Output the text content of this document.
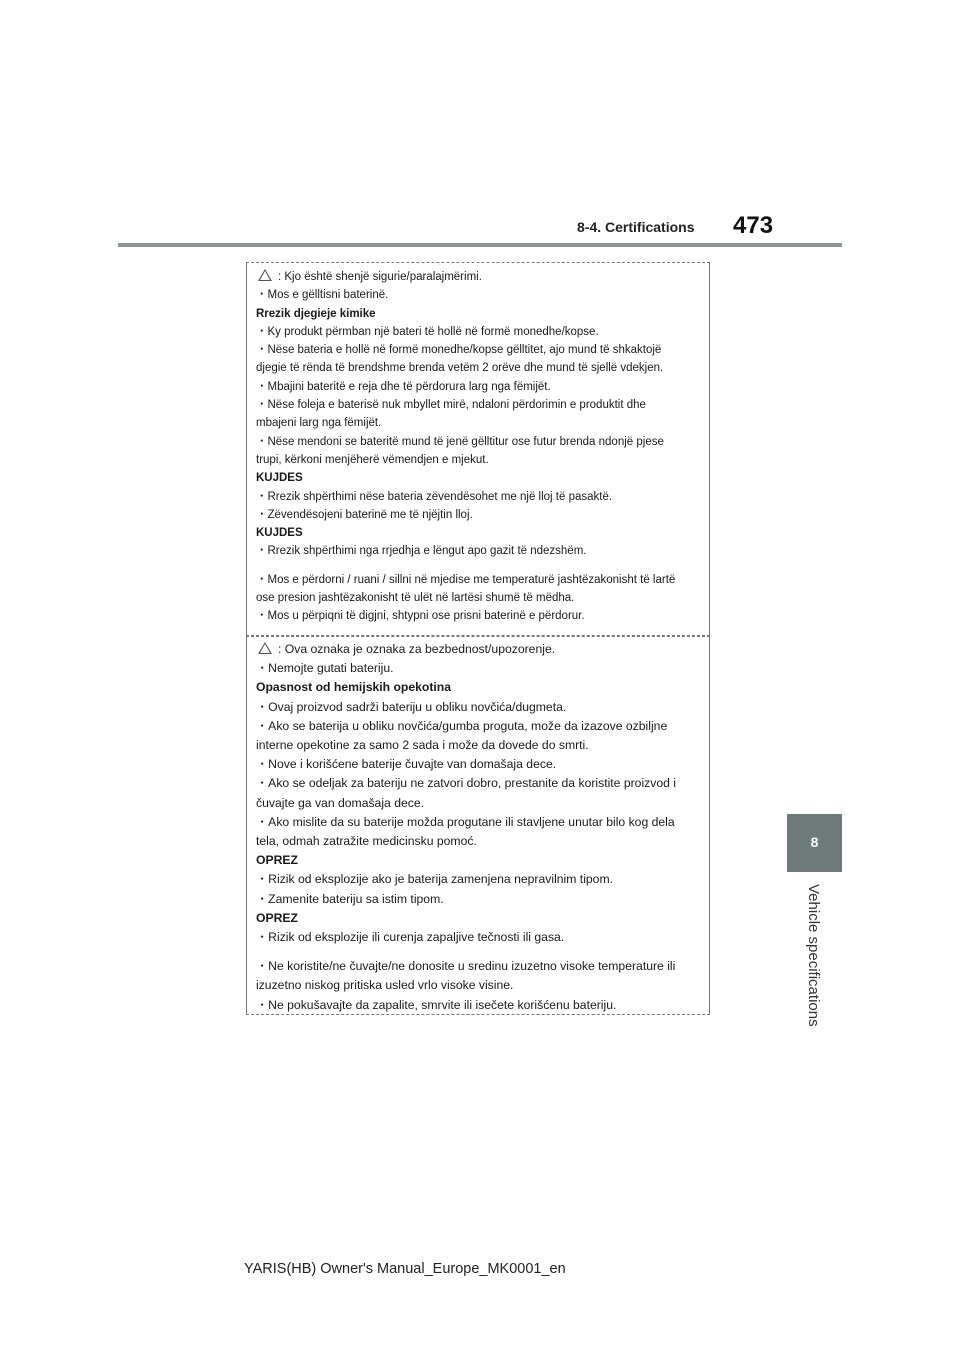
8-4. Certifications 473
8
Vehicle specifications
: Kjo është shenjë sigurie/paralajmërimi.
・Mos e gëlltisni baterinë.
Rrezik djegieje kimike
・Ky produkt përmban një bateri të hollë në formë monedhe/kopse.
・Nëse bateria e hollë në formë monedhe/kopse gëlltitet, ajo mund të shkaktojë
djegie të rënda të brendshme brenda vetëm 2 orëve dhe mund të sjellë vdekjen.
・Mbajini bateritë e reja dhe të përdorura larg nga fëmijët.
・Nëse foleja e baterisë nuk mbyllet mirë, ndaloni përdorimin e produktit dhe
mbajeni larg nga fëmijët.
・Nëse mendoni se bateritë mund të jenë gëlltitur ose futur brenda ndonjë pjese
trupi, kërkoni menjëherë vëmendjen e mjekut.
KUJDES
・Rrezik shpërthimi nëse bateria zëvendësohet me një lloj të pasaktë.
・Zëvendësojeni baterinë me të njëjtin lloj.
KUJDES
・Rrezik shpërthimi nga rrjedhja e lëngut apo gazit të ndezshëm.
・Mos e përdorni / ruani / sillni në mjedise me temperaturë jashtëzakonisht të lartë
ose presion jashtëzakonisht të ulët në lartësi shumë të mëdha.
・Mos u përpiqni të digjni, shtypni ose prisni baterinë e përdorur.
: Ova oznaka je oznaka za bezbednost/upozorenje.
・Nemojte gutati bateriju.
Opasnost od hemijskih opekotina
・Ovaj proizvod sadrži bateriju u obliku novčića/dugmeta.
・Ako se baterija u obliku novčića/gumba proguta, može da izazove ozbiljne
interne opekotine za samo 2 sada i može da dovede do smrti.
・Nove i korišćene baterije čuvajte van domašaja dece.
・Ako se odeljak za bateriju ne zatvori dobro, prestanite da koristite proizvod i
čuvajte ga van domašaja dece.
・Ako mislite da su baterije možda progutane ili stavljene unutar bilo kog dela
tela, odmah zatražite medicinsku pomoć.
OPREZ
・Rizik od eksplozije ako je baterija zamenjena nepravilnim tipom.
・Zamenite bateriju sa istim tipom.
OPREZ
・Rizik od eksplozije ili curenja zapaljive tečnosti ili gasa.
・Ne koristite/ne čuvajte/ne donosite u sredinu izuzetno visoke temperature ili
izuzetno niskog pritiska usled vrlo visoke visine.
・Ne pokušavajte da zapalite, smrvite ili isečete korišćenu bateriju.
YARIS(HB) Owner's Manual_Europe_MK0001_en
